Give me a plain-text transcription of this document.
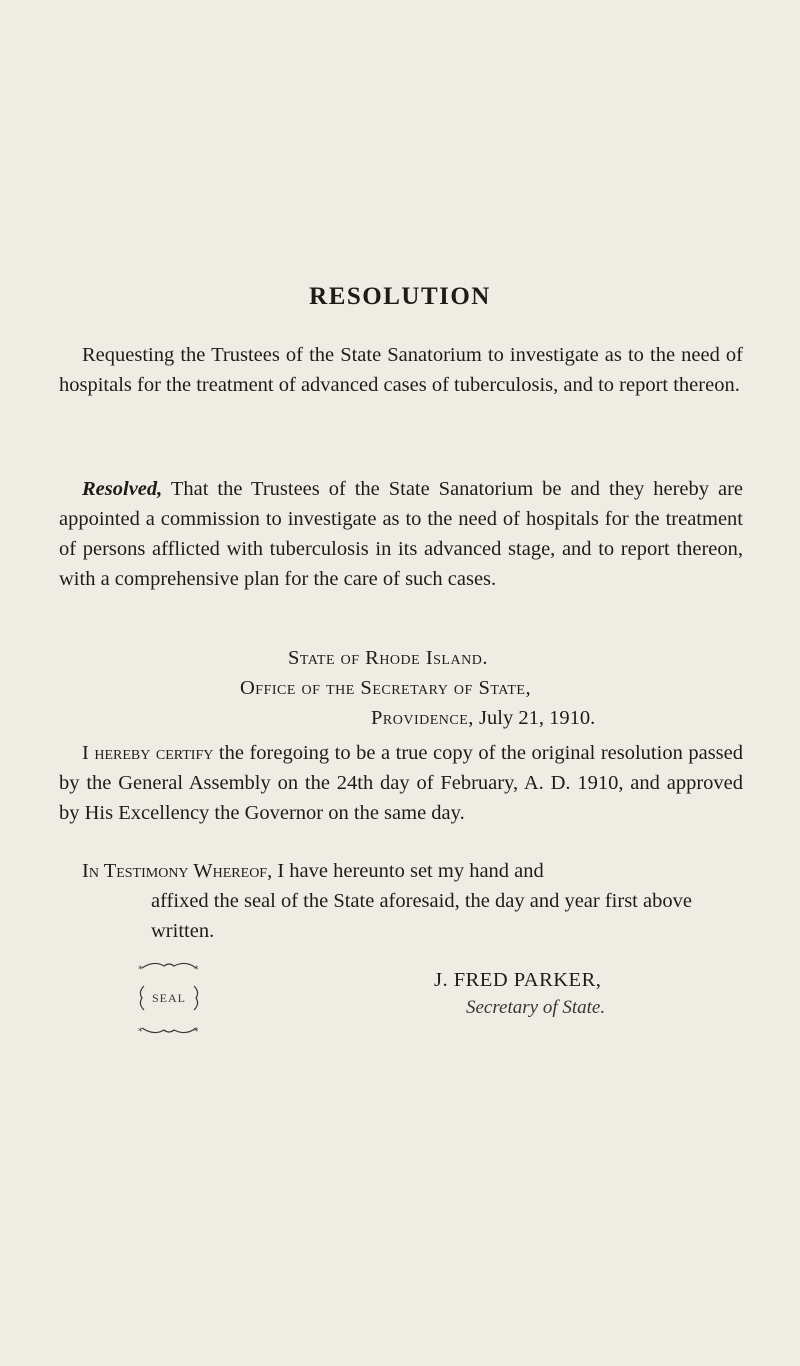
RESOLUTION
Requesting the Trustees of the State Sanatorium to investigate as to the need of hospitals for the treatment of advanced cases of tuberculosis, and to report thereon.
Resolved, That the Trustees of the State Sanatorium be and they hereby are appointed a commission to investigate as to the need of hospitals for the treatment of persons afflicted with tuberculosis in its advanced stage, and to report thereon, with a comprehensive plan for the care of such cases.
State of Rhode Island.
Office of the Secretary of State,
Providence, July 21, 1910.
I hereby certify the foregoing to be a true copy of the original resolution passed by the General Assembly on the 24th day of February, A. D. 1910, and approved by His Excellency the Governor on the same day.
In Testimony Whereof, I have hereunto set my hand and
affixed the seal of the State aforesaid, the day and year first above written.
*	*
*	*
SEAL
J. FRED PARKER,
Secretary of State.
